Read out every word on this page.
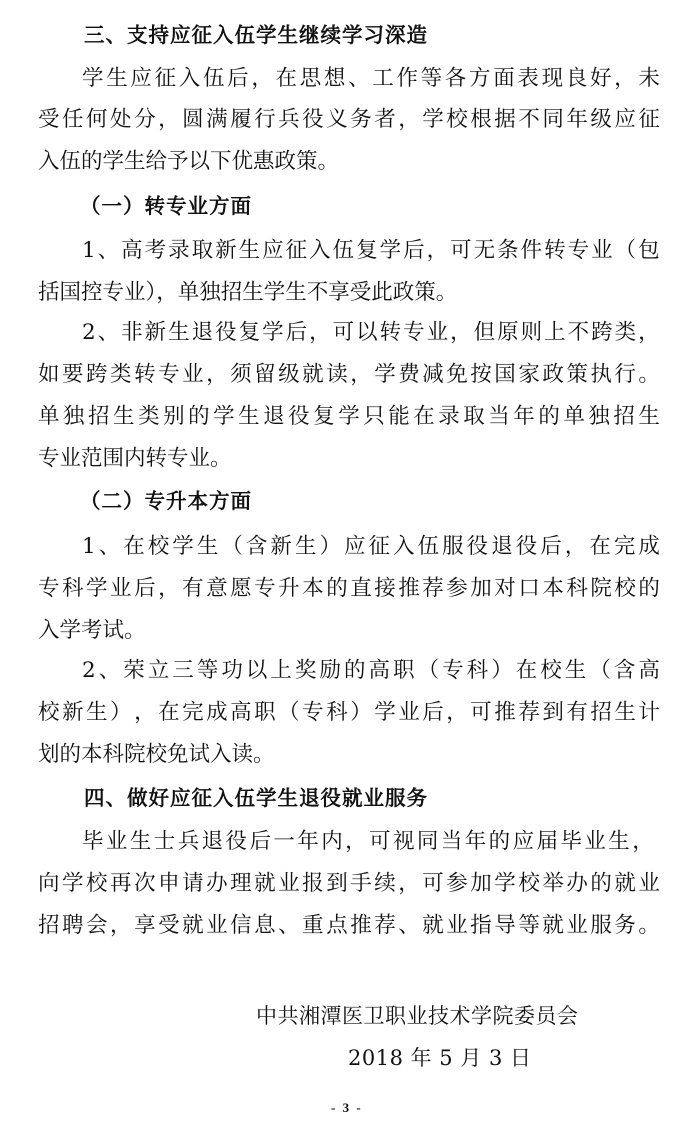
三、支持应征入伍学生继续学习深造
学 生 应 征 入 伍 后 ， 在 思 想 、 工 作 等 各 方 面 表 现 良 好 ， 未
受 任 何 处 分 ， 圆 满 履 行 兵 役 义 务 者 ， 学 校 根 据 不 同 年 级 应 征
入伍的学生给予以下优惠政策。
（一）转专业方面
1 、 高 考 录 取 新 生 应 征 入 伍 复 学 后 ， 可 无 条 件 转 专 业 （ 包
括国控专业），单独招生学生不享受此政策。
2 、 非 新 生 退 役 复 学 后 ， 可 以 转 专 业 ， 但 原 则 上 不 跨 类 ，
如 要 跨 类 转 专 业 ， 须 留 级 就 读 ， 学 费 减 免 按 国 家 政 策 执 行 。
单 独 招 生 类 别 的 学 生 退 役 复 学 只 能 在 录 取 当 年 的 单 独 招 生
专业范围内转专业。
（二）专升本方面
1 、 在 校 学 生 （ 含 新 生 ） 应 征 入 伍 服 役 退 役 后 ， 在 完 成
专 科 学 业 后 ， 有 意 愿 专 升 本 的 直 接 推 荐 参 加 对 口 本 科 院 校 的
入学考试。
2 、 荣 立 三 等 功 以 上 奖 励 的 高 职 （ 专 科 ） 在 校 生 （ 含 高
校 新 生 ） ， 在 完 成 高 职 （ 专 科 ） 学 业 后 ， 可 推 荐 到 有 招 生 计
划的本科院校免试入读。
四、做好应征入伍学生退役就业服务
毕 业 生 士 兵 退 役 后 一 年 内 ， 可 视 同 当 年 的 应 届 毕 业 生 ，
向 学 校 再 次 申 请 办 理 就 业 报 到 手 续 ， 可 参 加 学 校 举 办 的 就 业
招 聘 会 ， 享 受 就 业 信 息 、 重 点 推 荐 、 就 业 指 导 等 就 业 服 务 。
中共湘潭医卫职业技术学院委员会
2018 年 5 月 3 日
- 3 -
